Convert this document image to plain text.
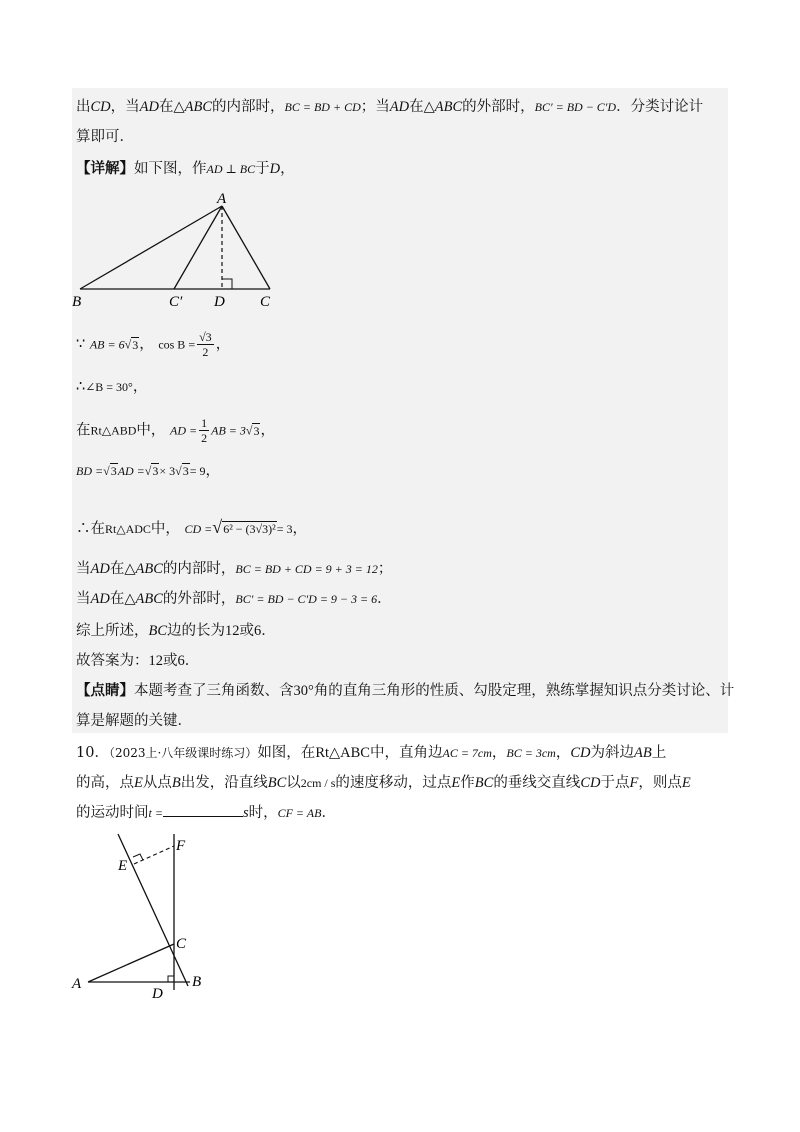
出CD，当AD在△ABC的内部时，BC = BD + CD；当AD在△ABC的外部时，BC′ = BD − C′D．分类讨论计
算即可．
【详解】如下图，作AD ⊥ BC于D，
A
B	C′ D C
∵ AB = 6√3， $\cos B = \frac{√3}{2}$ ，
∴∠B = 30°，
在Rt△ABD中， AD = $\frac{1}{2}$ AB = 3√3，
BD =√3AD =√3× 3√3= 9，
∴在Rt△ADC中， CD =√6² − (3√3)²= 3，
当AD在△ABC的内部时，BC = BD + CD = 9 + 3 = 12；
当AD在△ABC的外部时，BC′ = BD − C′D = 9 − 3 = 6．
综上所述，BC边的长为12或6．
故答案为：12或6．
【点睛】本题考查了三角函数、含30°角的直角三角形的性质、勾股定理，熟练掌握知识点分类讨论、计
算是解题的关键．
10．（2023上·八年级课时练习）如图，在Rt△ABC中，直角边AC = 7cm，BC = 3cm，CD为斜边AB上
的高，点E从点B出发，沿直线BC以2cm / s的速度移动，过点E作BC的垂线交直线CD于点F，则点E
的运动时间t =	s时，CF = AB．
E
F
C
A
D
B
